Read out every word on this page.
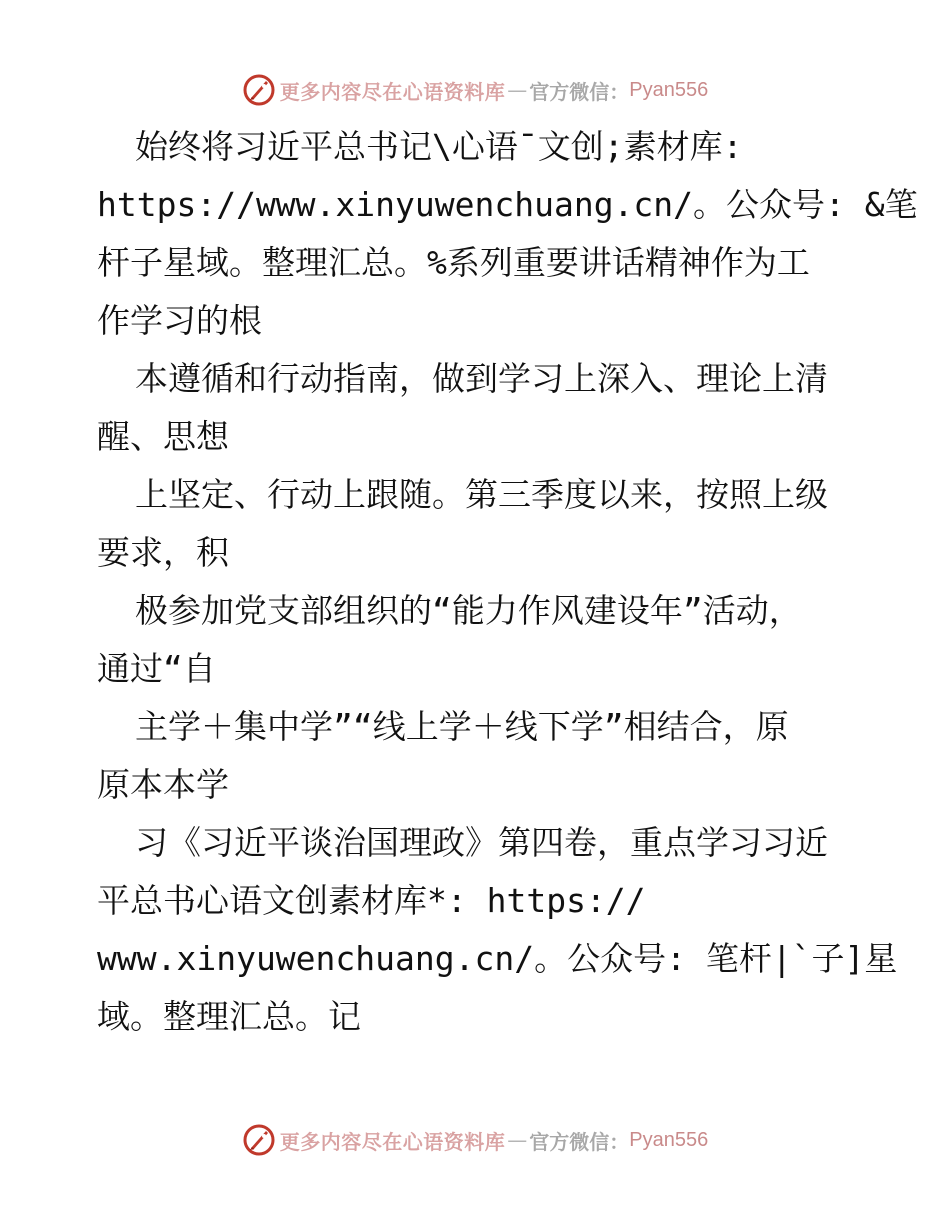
更多内容尽在心语资料库 — 官方微信： Pyan556
始终将习近平总书记\心语¯文创;素材库:
https://www.xinyuwenchuang.cn/。公众号: &笔
杆子星域。整理汇总。%系列重要讲话精神作为工
作学习的根
本遵循和行动指南，做到学习上深入、理论上清
醒、思想
上坚定、行动上跟随。第三季度以来，按照上级
要求，积
极参加党支部组织的“能力作风建设年”活动，
通过“自
主学＋集中学”“线上学＋线下学”相结合，原
原本本学
习《习近平谈治国理政》第四卷，重点学习习近
平总书心语文创素材库*: https://
www.xinyuwenchuang.cn/。公众号: 笔杆|`子]星
域。整理汇总。记
更多内容尽在心语资料库 — 官方微信： Pyan556
